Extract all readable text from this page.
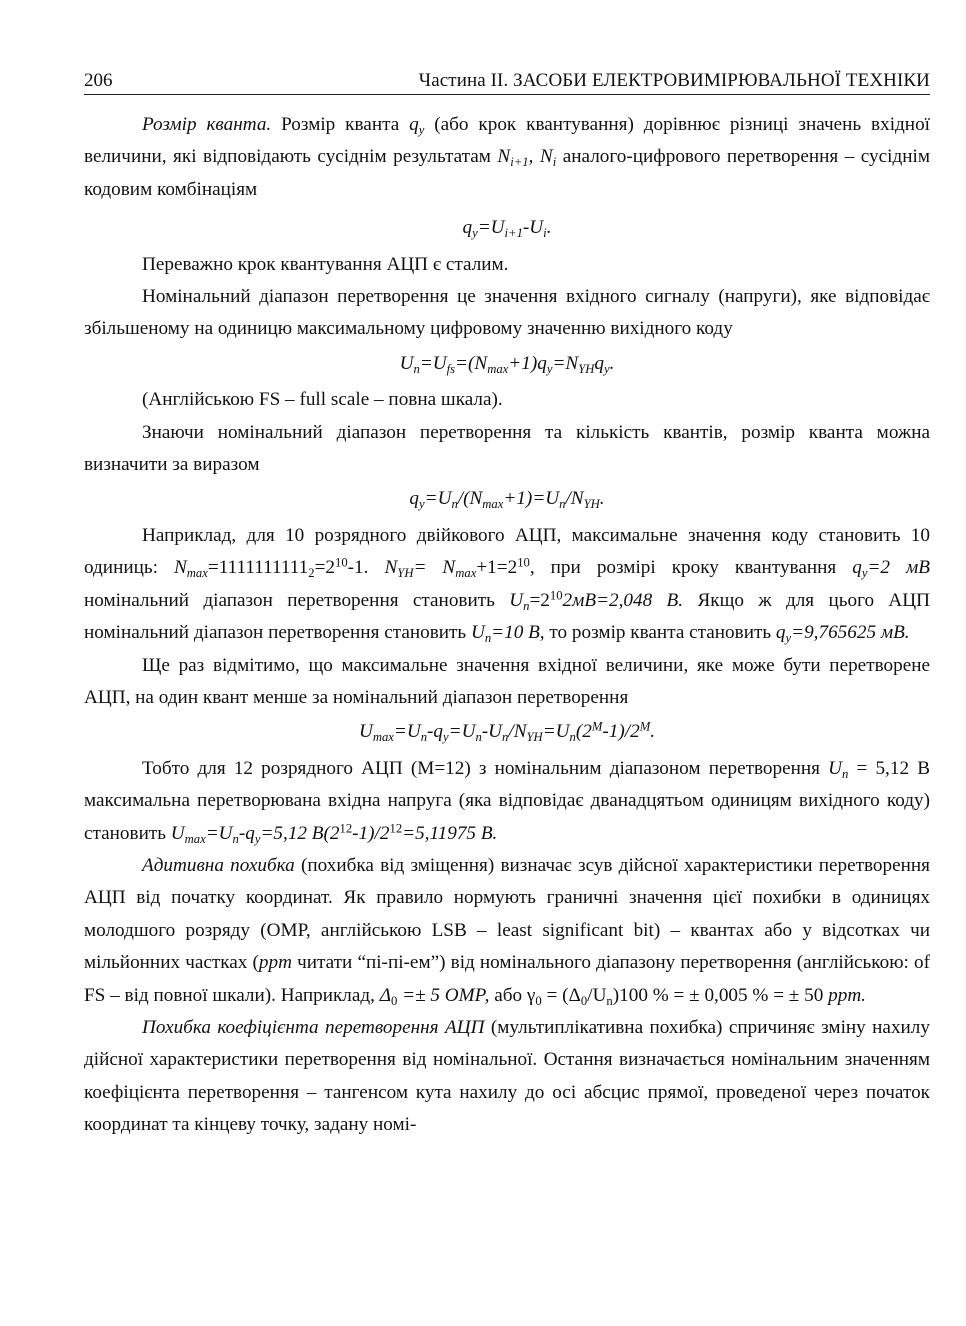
206	Частина II. ЗАСОБИ ЕЛЕКТРОВИМІРЮВАЛЬНОЇ ТЕХНІКИ

Розмір кванта. Розмір кванта $q_y$ (або крок квантування) дорівнює різниці значень вхідної величини, які відповідають сусіднім результатам $N_{i+1}$, $N_i$ аналого-цифрового перетворення – сусіднім кодовим комбінаціям

$q_y=U_{i+1}-U_i$.

Переважно крок квантування АЦП є сталим.

Номінальний діапазон перетворення це значення вхідного сигналу (напруги), яке відповідає збільшеному на одиницю максимальному цифровому значенню вихідного коду

$U_n=U_{fs}=(N_{max}+1)q_y=N_{YH}q_y$.

(Англійською FS – full scale – повна шкала).

Знаючи номінальний діапазон перетворення та кількість квантів, розмір кванта можна визначити за виразом

$q_y=U_n/(N_{max}+1)=U_n/N_{YH}$.

Наприклад, для 10 розрядного двійкового АЦП, максимальне значення коду становить 10 одиниць: $N_{max}=1111111111_2=2^{10}-1$. $N_{YH}= N_{max}+1=2^{10}$, при розмірі кроку квантування $q_y=2$ мВ номінальний діапазон перетворення становить $U_n=2^{10}2мВ=2,048$ В. Якщо ж для цього АЦП номінальний діапазон перетворення становить $U_n=10$ В, то розмір кванта становить $q_y=9,765625$ мВ.

Ще раз відмітимо, що максимальне значення вхідної величини, яке може бути перетворене АЦП, на один квант менше за номінальний діапазон перетворення

$U_{max}=U_n-q_y=U_n-U_n/N_{YH}=U_n(2^M-1)/2^M$.

Тобто для 12 розрядного АЦП (М=12) з номінальним діапазоном перетворення $U_n = 5,12$ В максимальна перетворювана вхідна напруга (яка відповідає дванадцятьом одиницям вихідного коду) становить $U_{max}=U_n-q_y=5,12$ $В(2^{12}-1)/2^{12}=5,11975$ В.

Адитивна похибка (похибка від зміщення) визначає зсув дійсної характеристики перетворення АЦП від початку координат. Як правило нормують граничні значення цієї похибки в одиницях молодшого розряду (ОМР, англійською LSB – least significant bit) – квантах або у відсотках чи мільйонних частках (ppm читати “пі-пі-ем”) від номінального діапазону перетворення (англійською: of FS – від повної шкали). Наприклад, $\Delta_0 =\pm 5$ ОМР, або $\gamma_0 = (\Delta_0/U_n)100$ % = ± 0,005 % = ± 50 ppm.

Похибка коефіцієнта перетворення АЦП (мультиплікативна похибка) спричиняє зміну нахилу дійсної характеристики перетворення від номінальної. Остання визначається номінальним значенням коефіцієнта перетворення – тангенсом кута нахилу до осі абсцис прямої, проведеної через початок координат та кінцеву точку, задану номі-
